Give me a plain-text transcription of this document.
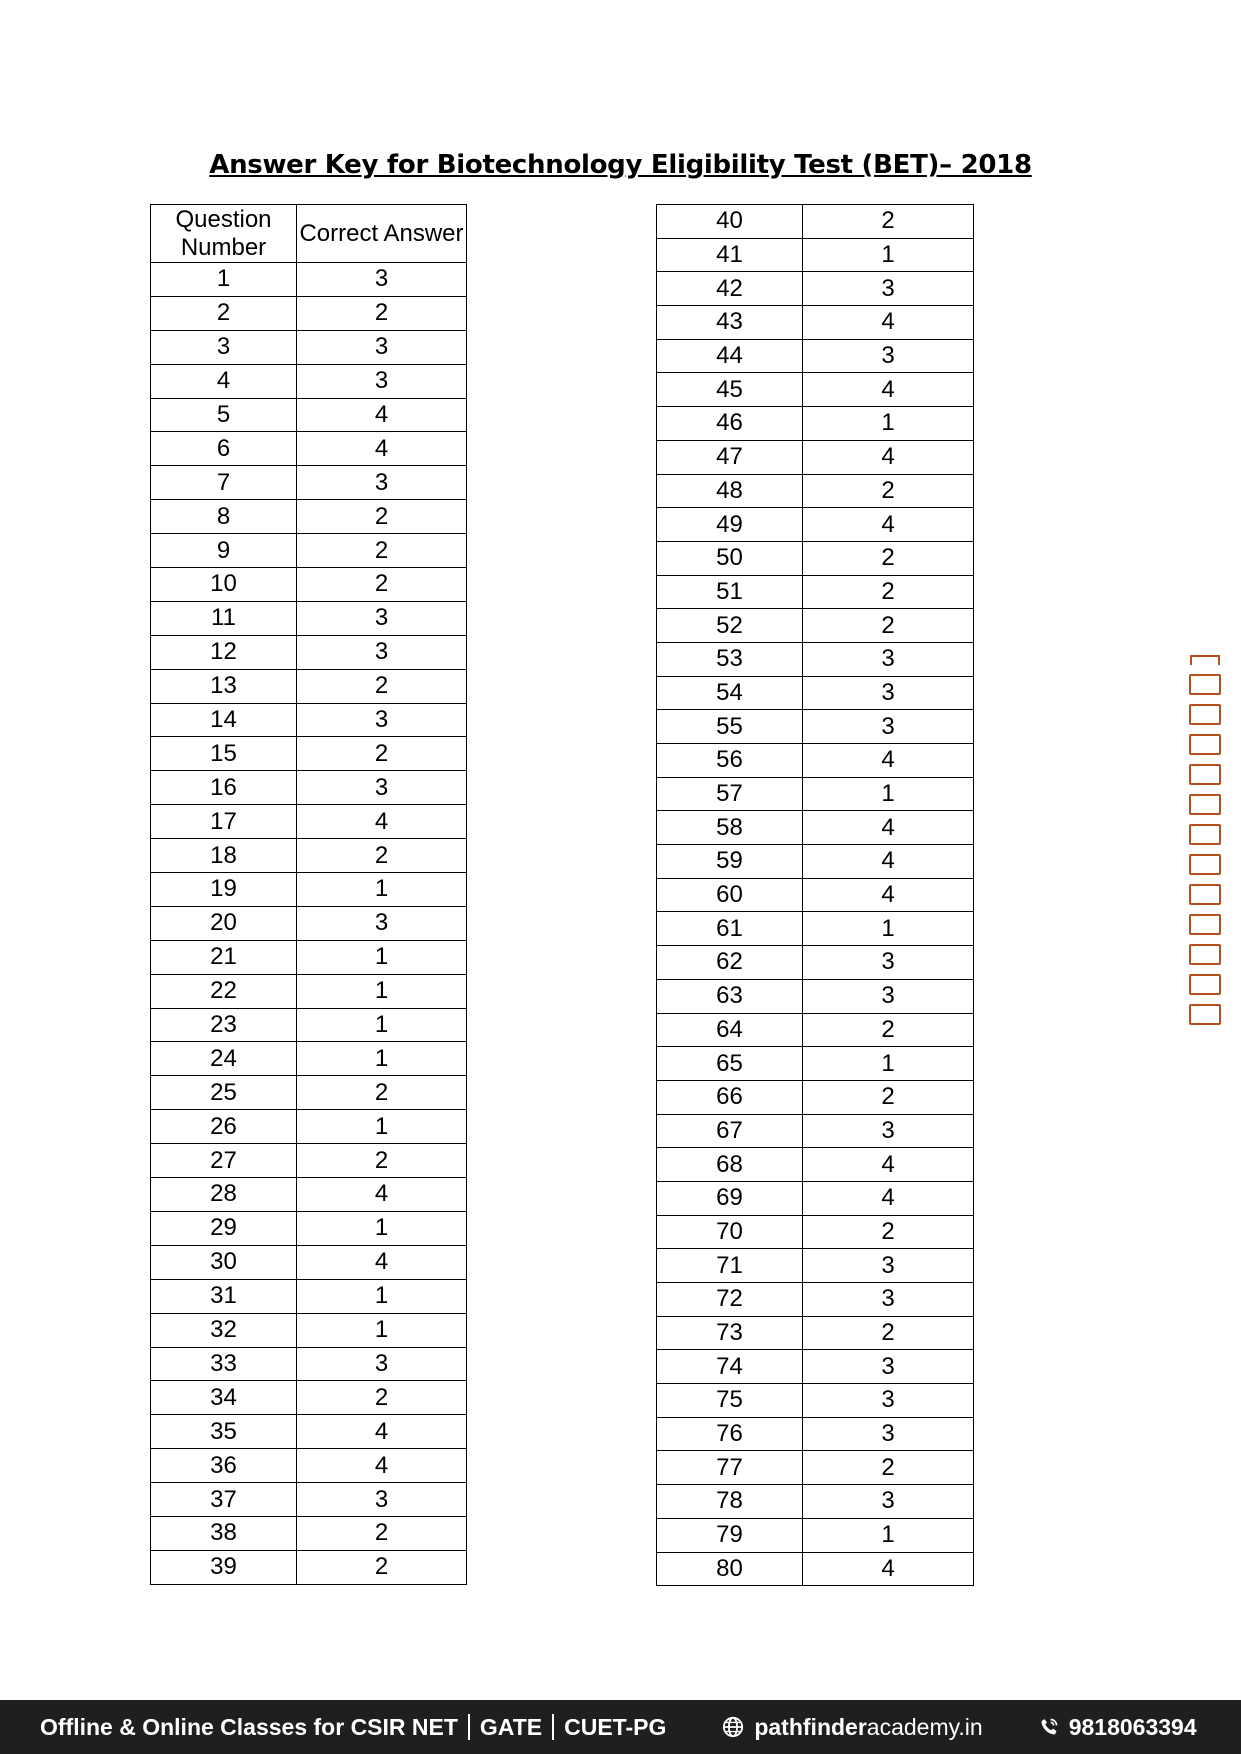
Answer Key for Biotechnology Eligibility Test (BET)– 2018
Question Number	Correct Answer
1	3
2	2
3	3
4	3
5	4
6	4
7	3
8	2
9	2
10	2
11	3
12	3
13	2
14	3
15	2
16	3
17	4
18	2
19	1
20	3
21	1
22	1
23	1
24	1
25	2
26	1
27	2
28	4
29	1
30	4
31	1
32	1
33	3
34	2
35	4
36	4
37	3
38	2
39	2
40	2
41	1
42	3
43	4
44	3
45	4
46	1
47	4
48	2
49	4
50	2
51	2
52	2
53	3
54	3
55	3
56	4
57	1
58	4
59	4
60	4
61	1
62	3
63	3
64	2
65	1
66	2
67	3
68	4
69	4
70	2
71	3
72	3
73	2
74	3
75	3
76	3
77	2
78	3
79	1
80	4
Offline & Online Classes for CSIR NET GATE CUET-PG	pathfinder academy.in	9818063394
